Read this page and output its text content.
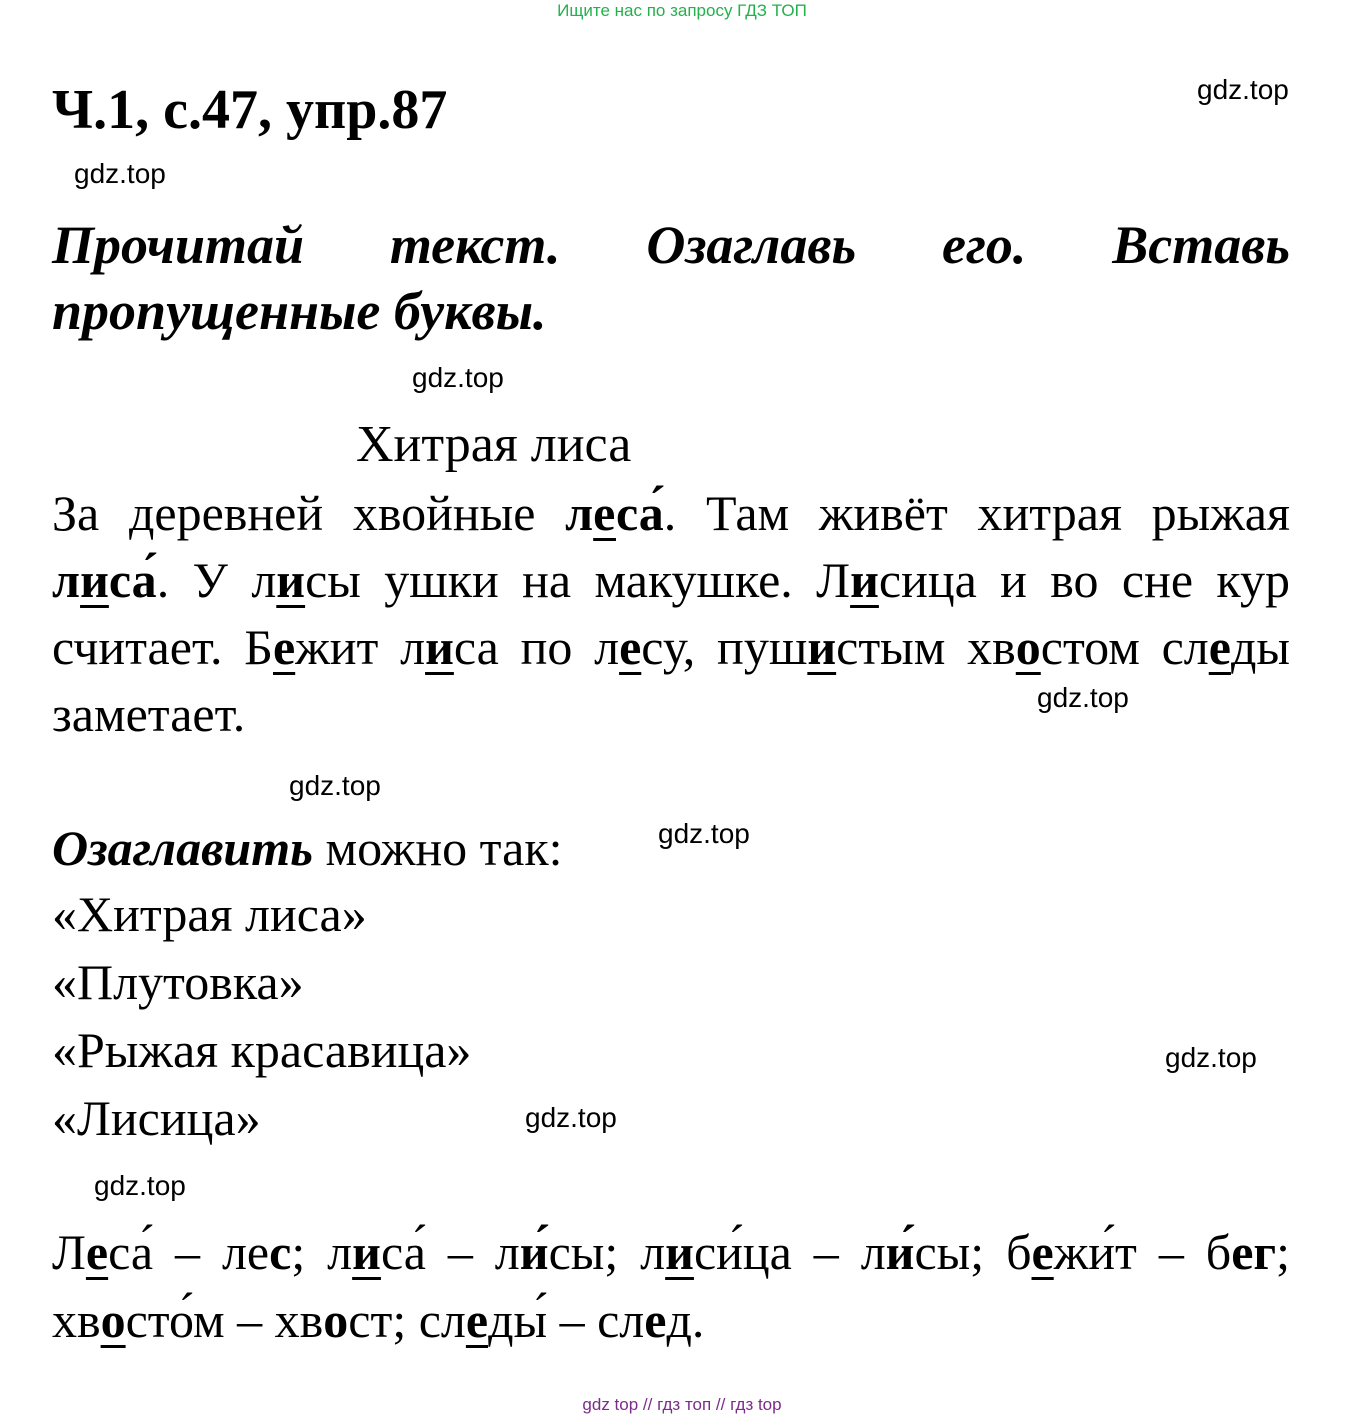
Ищите нас по запросу ГДЗ ТОП
Ч.1, с.47, упр.87	gdz.top
gdz.top
Прочитай текст. Озаглавь его. Вставь пропущенные буквы.
gdz.top
Хитрая лиса
За деревней хвойные леса́. Там живёт хитрая рыжая лиса́. У лисы ушки на макушке. Лисица и во сне кур считает. Бежит лиса по лесу, пушистым хвостом следы заметает.	gdz.top
gdz.top
Озаглавить можно так:	gdz.top
«Хитрая лиса»
«Плутовка»
«Рыжая красавица»
«Лисица»
gdz.top
gdz.top
gdz.top
Леса́ – лес; лиса́ – ли́сы; лиси́ца – ли́сы; бежи́т – бег; хвосто́м – хвост; следы́ – след.
gdz top // гдз топ // гдз top
